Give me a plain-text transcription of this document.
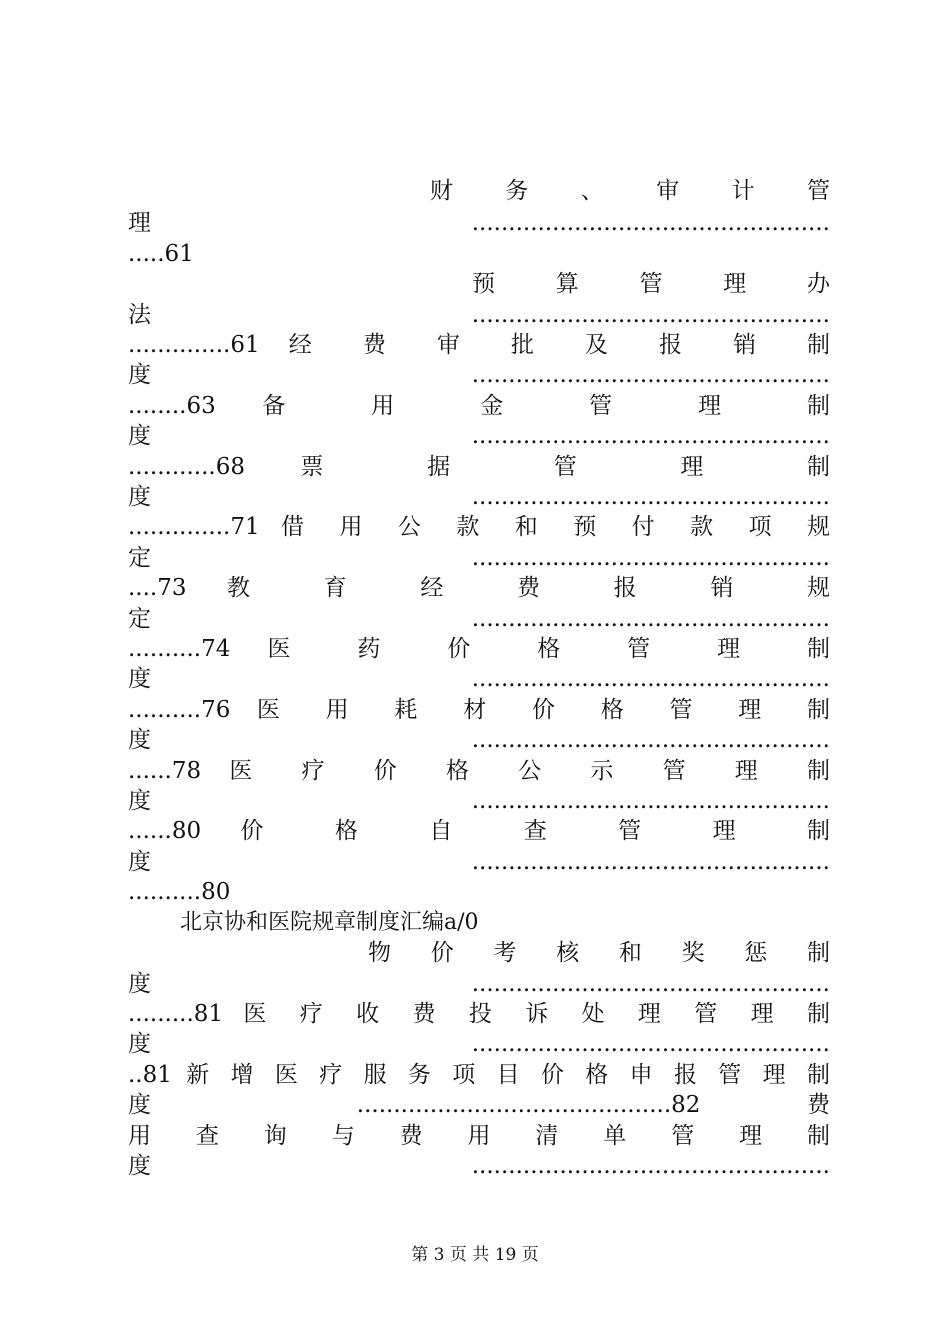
财 务 、 审 计 管
理.................................................
.....61
预 算 管 理 办
法.................................................
..............61 经 费 审 批 及 报 销 制
度.................................................
........63 备 用 金 管 理 制
度.................................................
............68 票 据 管 理 制
度.................................................
..............71 借 用 公 款 和 预 付 款 项 规
定.................................................
....73 教 育 经 费 报 销 规
定.................................................
..........74 医 药 价 格 管 理 制
度.................................................
..........76 医 用 耗 材 价 格 管 理 制
度.................................................
......78 医 疗 价 格 公 示 管 理 制
度.................................................
......80 价 格 自 查 管 理 制
度.................................................
..........80
北京协和医院规章制度汇编a/0
物 价 考 核 和 奖 惩 制
度.................................................
.........81 医 疗 收 费 投 诉 处 理 管 理 制
度.................................................
..81 新 增 医 疗 服 务 项 目 价 格 申 报 管 理 制
度 ...........................................82 费
用 查 询 与 费 用 清 单 管 理 制
度.................................................
第 3 页 共 19 页
